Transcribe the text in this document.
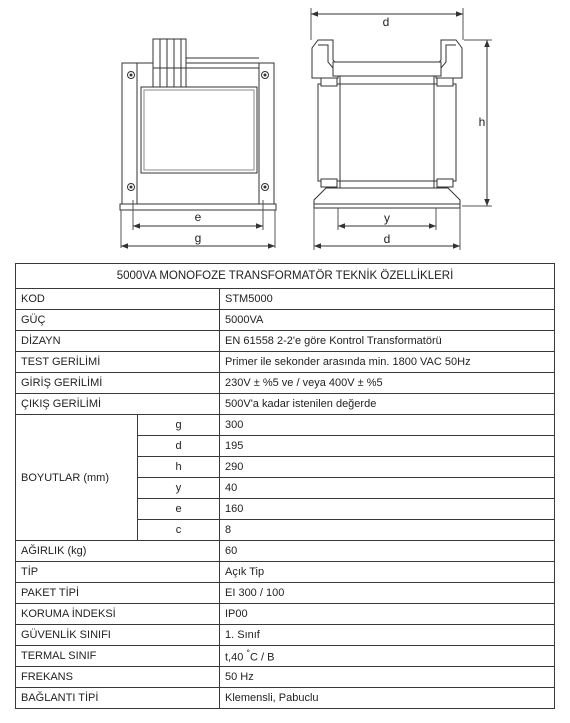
e
g
d
h
y
d
5000VA MONOFOZE TRANSFORMATÖR TEKNİK ÖZELLİKLERİ		
KOD		STM5000
GÜÇ		5000VA
DİZAYN		EN 61558 2-2'e göre Kontrol Transformatörü
TEST GERİLİMİ		Primer ile sekonder arasında min. 1800 VAC 50Hz
GİRİŞ GERİLİMİ		230V ± %5 ve / veya 400V ± %5
ÇIKIŞ GERİLİMİ		500V'a kadar istenilen değerde
BOYUTLAR (mm)	g	300
	d	195
	h	290
	y	40
	e	160
	c	8
AĞIRLIK (kg)		60
TİP		Açık Tip
PAKET TİPİ		EI 300 / 100
KORUMA İNDEKSİ		IP00
GÜVENLİK SINIFI		1. Sınıf
TERMAL SINIF		t,40 °C / B
FREKANS		50 Hz
BAĞLANTI TİPİ		Klemensli, Pabuclu
